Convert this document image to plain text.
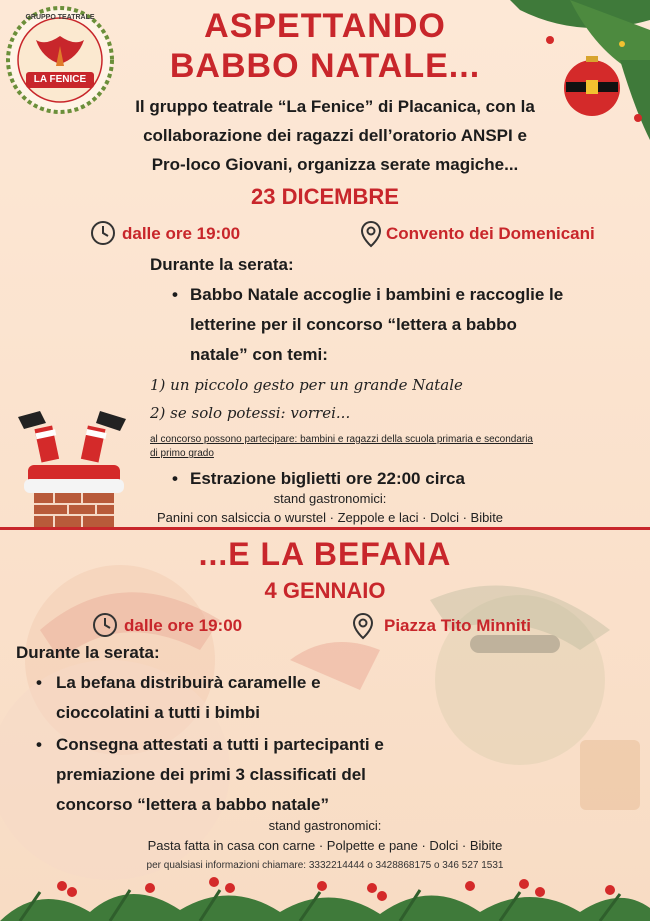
GRUPPO TEATRALE
LA FENICE
ASPETTANDO
BABBO NATALE...
Il gruppo teatrale “La Fenice” di Placanica, con la
collaborazione dei ragazzi dell’oratorio ANSPI e
Pro-loco Giovani, organizza serate magiche...
23 DICEMBRE
dalle ore 19:00	Convento dei Domenicani
Durante la serata:
• Babbo Natale accoglie i bambini e raccoglie le
letterine per il concorso “lettera a babbo
natale” con temi:
1) un piccolo gesto per un grande Natale
2) se solo potessi: vorrei...
al concorso possono partecipare: bambini e ragazzi della scuola primaria e secondaria
di primo grado
• Estrazione biglietti ore 22:00 circa
stand gastronomici:
Panini con salsiccia o wurstel · Zeppole e laci · Dolci · Bibite
...E LA BEFANA
4 GENNAIO
dalle ore 19:00	Piazza Tito Minniti
Durante la serata:
• La befana distribuirà caramelle e
cioccolatini a tutti i bimbi
• Consegna attestati a tutti i partecipanti e
premiazione dei primi 3 classificati del
concorso “lettera a babbo natale”
stand gastronomici:
Pasta fatta in casa con carne · Polpette e pane · Dolci · Bibite
per qualsiasi informazioni chiamare: 3332214444 o 3428868175 o 346 527 1531
